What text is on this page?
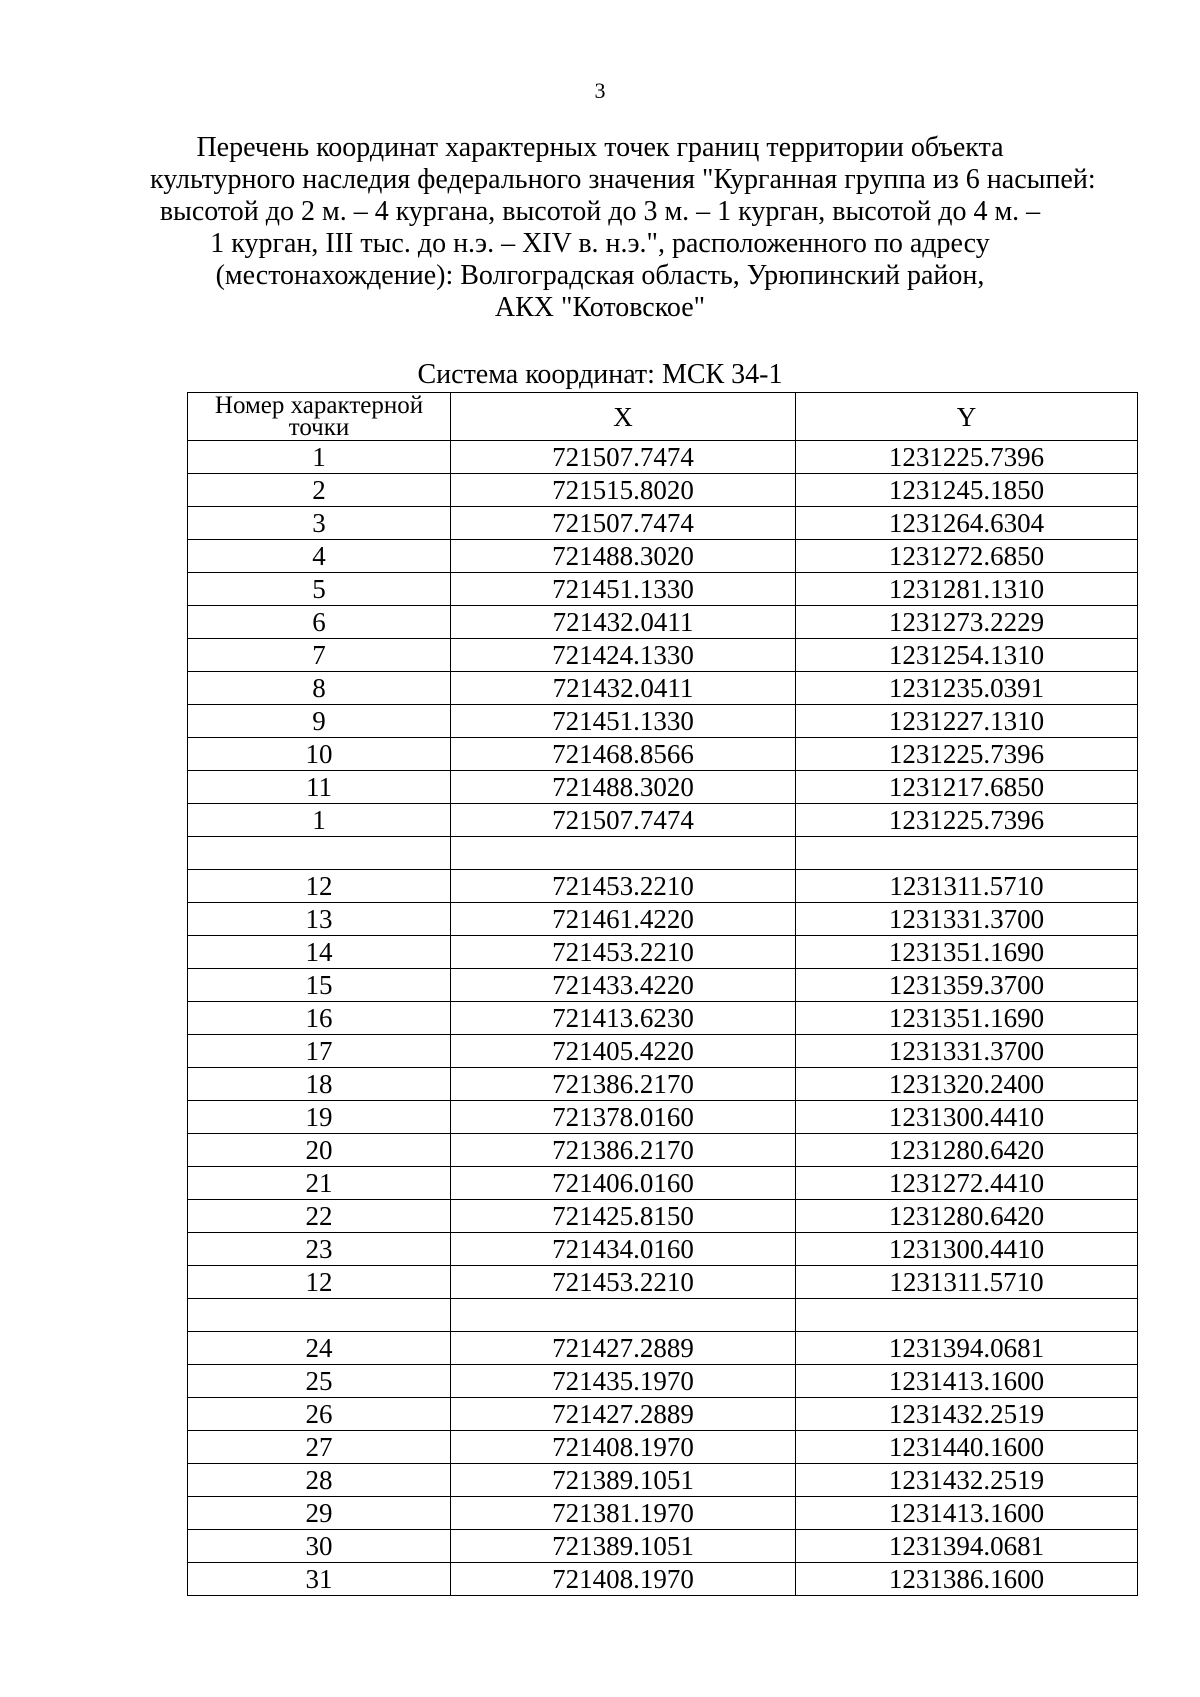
3
Перечень координат характерных точек границ территории объекта
культурного наследия федерального значения "Курганная группа из 6 насыпей:
высотой до 2 м. – 4 кургана, высотой до 3 м. – 1 курган, высотой до 4 м. –
1 курган, III тыс. до н.э. – XIV в. н.э.", расположенного по адресу
(местонахождение): Волгоградская область, Урюпинский район,
АКХ "Котовское"
Система координат: МСК 34-1
Номер характерной
точки	X	Y
1	721507.7474	1231225.7396
2	721515.8020	1231245.1850
3	721507.7474	1231264.6304
4	721488.3020	1231272.6850
5	721451.1330	1231281.1310
6	721432.0411	1231273.2229
7	721424.1330	1231254.1310
8	721432.0411	1231235.0391
9	721451.1330	1231227.1310
10	721468.8566	1231225.7396
11	721488.3020	1231217.6850
1	721507.7474	1231225.7396

12	721453.2210	1231311.5710
13	721461.4220	1231331.3700
14	721453.2210	1231351.1690
15	721433.4220	1231359.3700
16	721413.6230	1231351.1690
17	721405.4220	1231331.3700
18	721386.2170	1231320.2400
19	721378.0160	1231300.4410
20	721386.2170	1231280.6420
21	721406.0160	1231272.4410
22	721425.8150	1231280.6420
23	721434.0160	1231300.4410
12	721453.2210	1231311.5710

24	721427.2889	1231394.0681
25	721435.1970	1231413.1600
26	721427.2889	1231432.2519
27	721408.1970	1231440.1600
28	721389.1051	1231432.2519
29	721381.1970	1231413.1600
30	721389.1051	1231394.0681
31	721408.1970	1231386.1600
